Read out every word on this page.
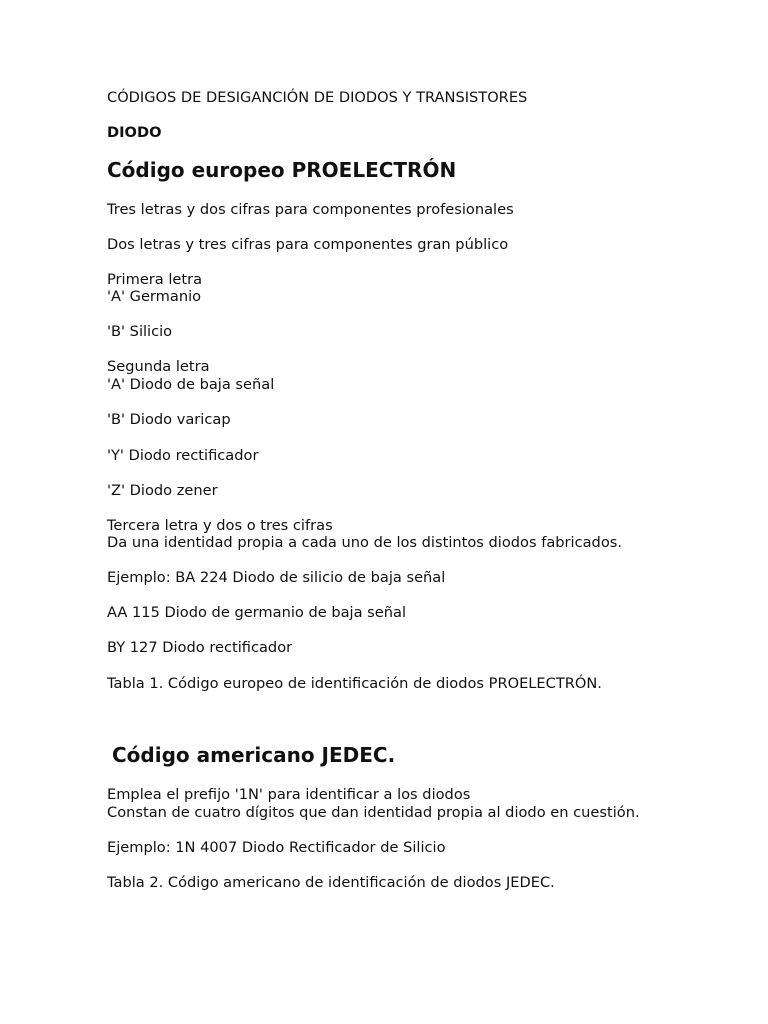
CÓDIGOS DE DESIGANCIÓN DE DIODOS Y TRANSISTORES
DIODO
Código europeo PROELECTRÓN
Tres letras y dos cifras para componentes profesionales
Dos letras y tres cifras para componentes gran público
Primera letra
'A' Germanio
'B' Silicio
Segunda letra
'A' Diodo de baja señal
'B' Diodo varicap
'Y' Diodo rectificador
'Z' Diodo zener
Tercera letra y dos o tres cifras
Da una identidad propia a cada uno de los distintos diodos fabricados.
Ejemplo: BA 224 Diodo de silicio de baja señal
AA 115 Diodo de germanio de baja señal
BY 127 Diodo rectificador
Tabla 1. Código europeo de identificación de diodos PROELECTRÓN.
Código americano JEDEC.
Emplea el prefijo '1N' para identificar a los diodos
Constan de cuatro dígitos que dan identidad propia al diodo en cuestión.
Ejemplo: 1N 4007 Diodo Rectificador de Silicio
Tabla 2. Código americano de identificación de diodos JEDEC.
